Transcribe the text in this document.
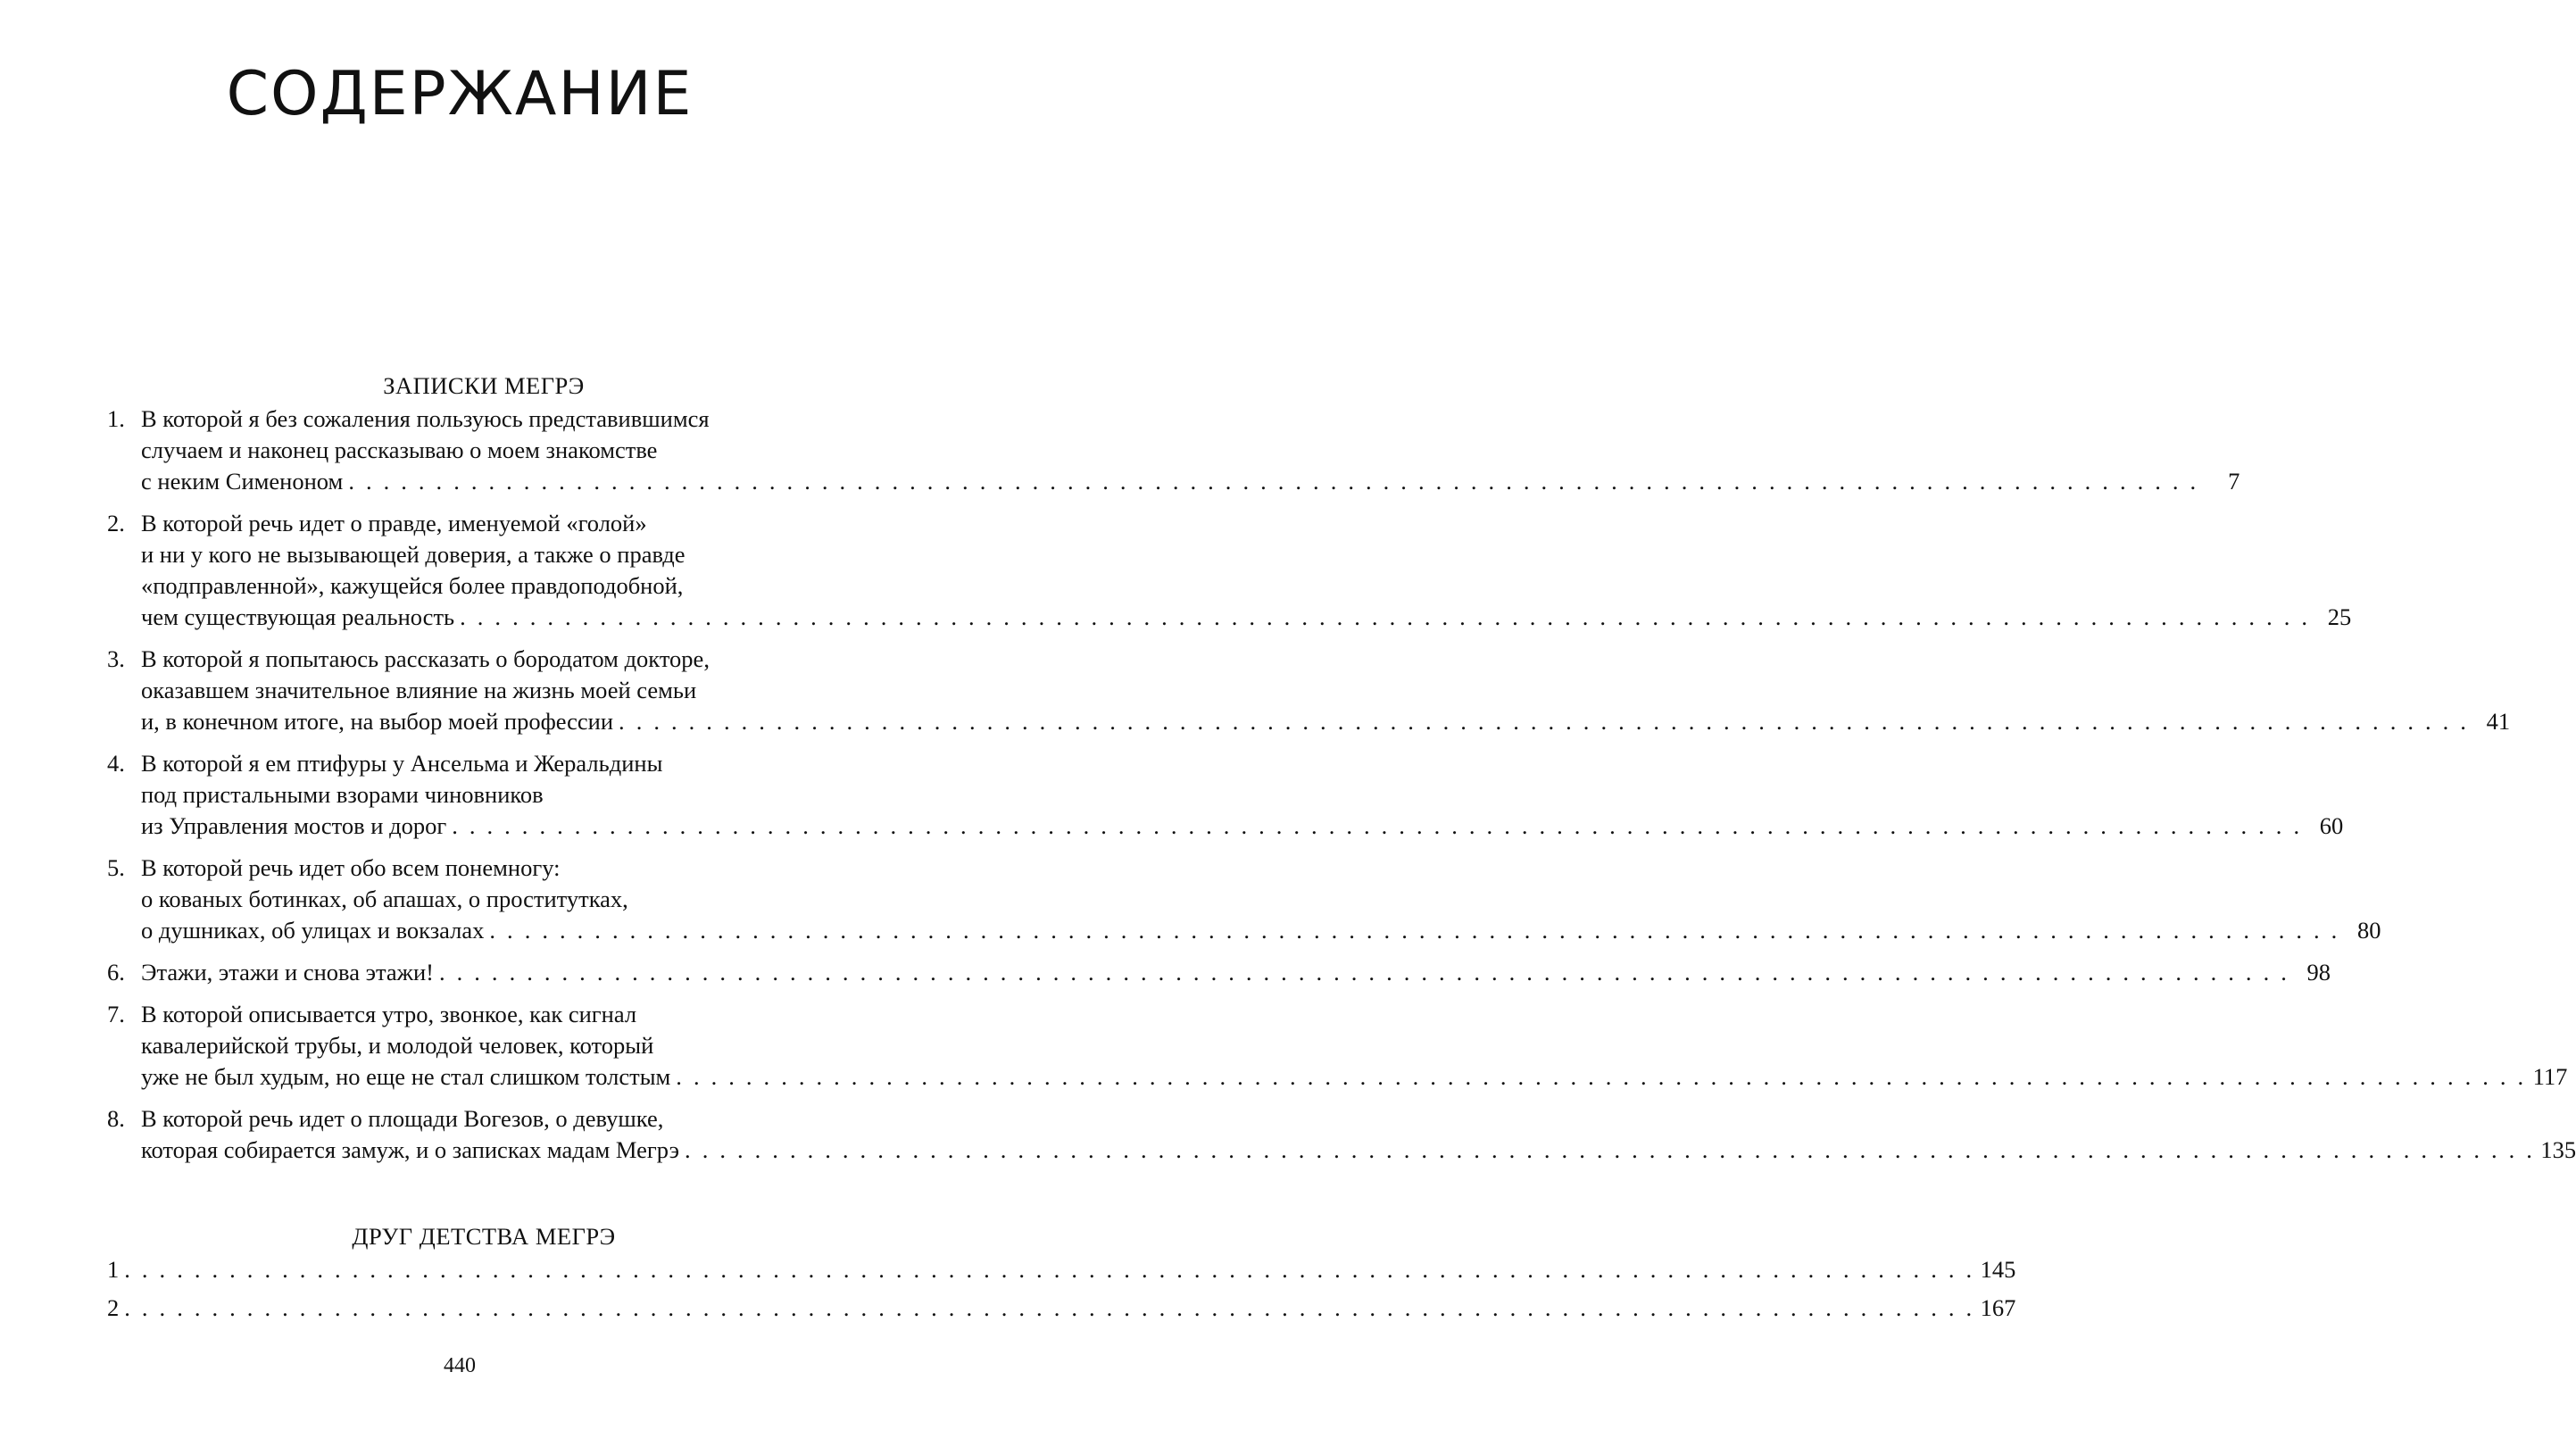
СОДЕРЖАНИЕ
ЗАПИСКИ МЕГРЭ
1. В которой я без сожаления пользуюсь представившимся
случаем и наконец рассказываю о моем знакомстве
с неким Сименоном . . .	7
2. В которой речь идет о правде, именуемой «голой»
и ни у кого не вызывающей доверия, а также о правде
«подправленной», кажущейся более правдоподобной,
чем существующая реальность . . .	25
3. В которой я попытаюсь рассказать о бородатом докторе,
оказавшем значительное влияние на жизнь моей семьи
и, в конечном итоге, на выбор моей профессии . . .	41
4. В которой я ем птифуры у Ансельма и Жеральдины
под пристальными взорами чиновников
из Управления мостов и дорог . . .	60
5. В которой речь идет обо всем понемногу:
о кованых ботинках, об апашах, о проститутках,
о душниках, об улицах и вокзалах . . .	80
6. Этажи, этажи и снова этажи! . . .	98
7. В которой описывается утро, звонкое, как сигнал
кавалерийской трубы, и молодой человек, который
уже не был худым, но еще не стал слишком толстым . . .	117
8. В которой речь идет о площади Вогезов, о девушке,
которая собирается замуж, и о записках мадам Мегрэ . . .	135
ДРУГ ДЕТСТВА МЕГРЭ
1 . . .	145
2 . . .	167
440
